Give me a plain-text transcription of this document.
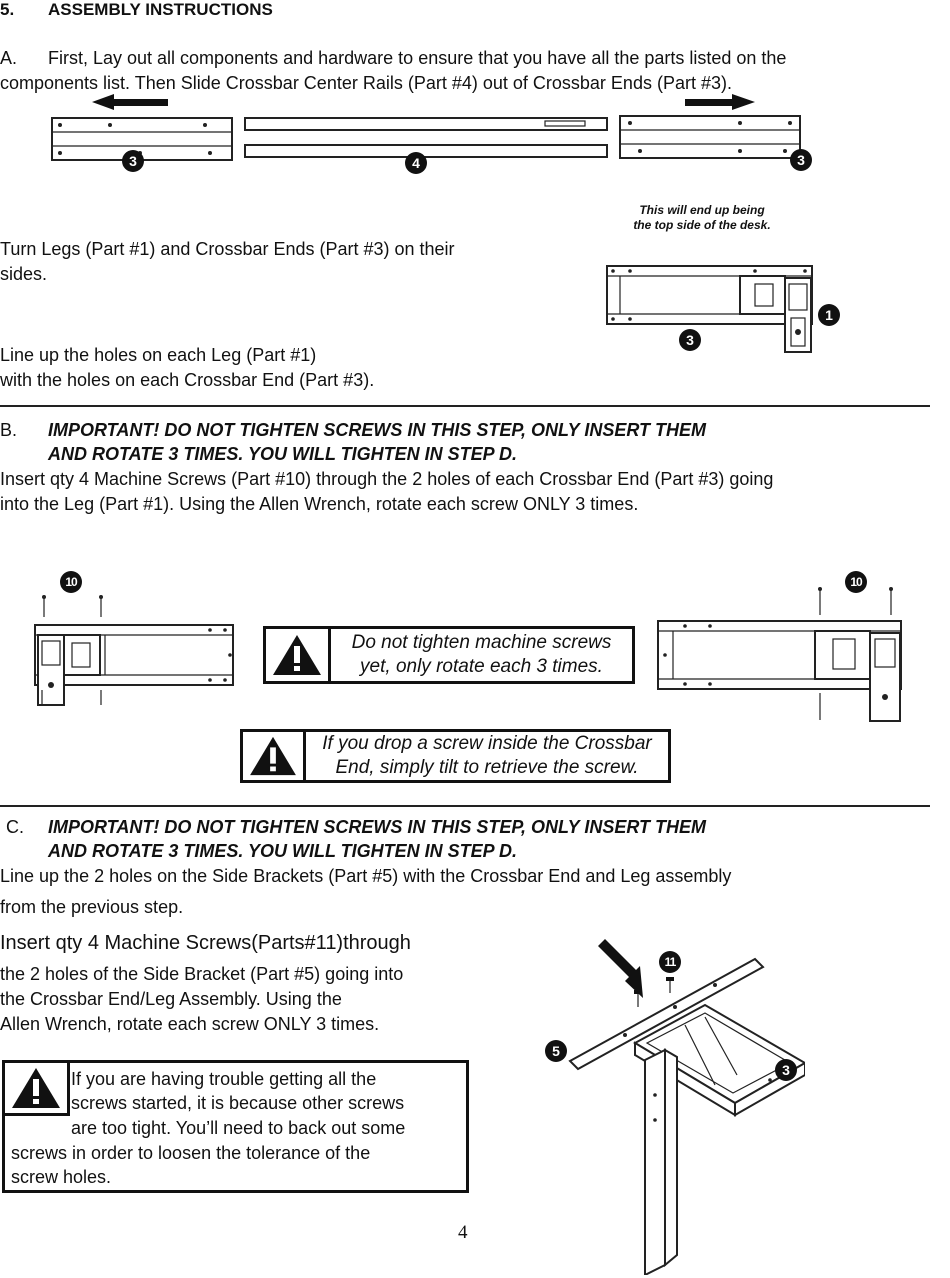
5. ASSEMBLY INSTRUCTIONS
A. First, Lay out all components and hardware to ensure that you have all the parts listed on the
components list. Then Slide Crossbar Center Rails (Part #4) out of Crossbar Ends (Part #3).
3	4	3
This will end up being
the top side of the desk.
Turn Legs (Part #1) and Crossbar Ends (Part #3) on their
sides.
Line up the holes on each Leg (Part #1)
with the holes on each Crossbar End (Part #3).
1
3
B. IMPORTANT! DO NOT TIGHTEN SCREWS IN THIS STEP, ONLY INSERT THEM
AND ROTATE 3 TIMES. YOU WILL TIGHTEN IN STEP D.
Insert qty 4 Machine Screws (Part #10) through the 2 holes of each Crossbar End (Part #3) going
into the Leg (Part #1). Using the Allen Wrench, rotate each screw ONLY 3 times.
10	10
Do not tighten machine screws
yet, only rotate each 3 times.
If you drop a screw inside the Crossbar
End, simply tilt to retrieve the screw.
C. IMPORTANT! DO NOT TIGHTEN SCREWS IN THIS STEP, ONLY INSERT THEM
AND ROTATE 3 TIMES. YOU WILL TIGHTEN IN STEP D.
Line up the 2 holes on the Side Brackets (Part #5) with the Crossbar End and Leg assembly
from the previous step.
Insert qty 4 Machine Screws(Parts#11)through
the 2 holes of the Side Bracket (Part #5) going into
the Crossbar End/Leg Assembly. Using the
Allen Wrench, rotate each screw ONLY 3 times.
If you are having trouble getting all the
screws started, it is because other screws
are too tight. You’ll need to back out some
screws in order to loosen the tolerance of the
screw holes.
11
5
3
4
